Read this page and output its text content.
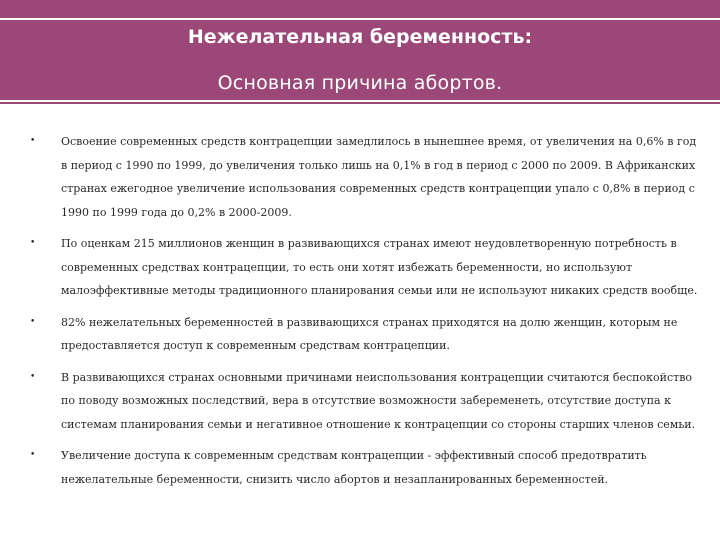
Нежелательная беременность:
Основная причина абортов.
• Освоение современных средств контрацепции замедлилось в нынешнее время, от увеличения на 0,6% в год в период с 1990 по 1999, до увеличения только лишь на 0,1% в год в период с 2000 по 2009. В Африканских странах ежегодное увеличение использования современных средств контрацепции упало с 0,8% в период с 1990 по 1999 года до 0,2% в 2000-2009.
• По оценкам 215 миллионов женщин в развивающихся странах имеют неудовлетворенную потребность в современных средствах контрацепции, то есть они хотят избежать беременности, но используют малоэффективные методы традиционного планирования семьи или не используют никаких средств вообще.
• 82% нежелательных беременностей в развивающихся странах приходятся на долю женщин, которым не предоставляется доступ к современным средствам контрацепции.
• В развивающихся странах основными причинами неиспользования контрацепции считаются беспокойство по поводу возможных последствий, вера в отсутствие возможности забеременеть, отсутствие доступа к системам планирования семьи и негативное отношение к контрацепции со стороны старших членов семьи.
• Увеличение доступа к современным средствам контрацепции - эффективный способ предотвратить нежелательные беременности, снизить число абортов и незапланированных беременностей.
